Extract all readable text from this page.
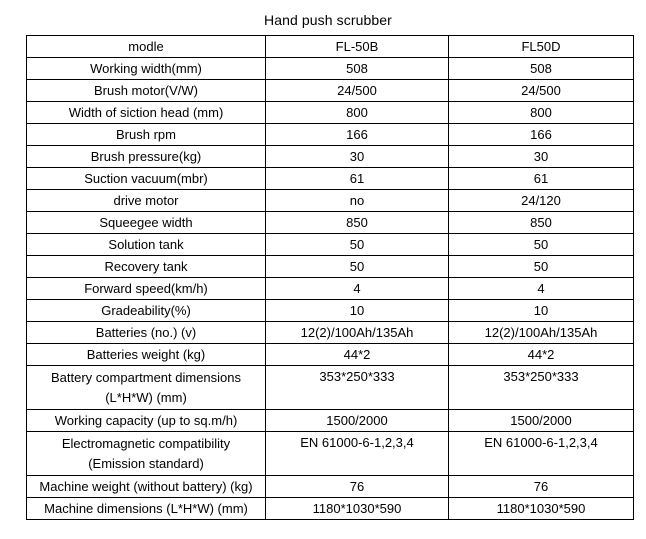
Hand push scrubber
modle	FL-50B	FL50D
Working width(mm)	508	508
Brush motor(V/W)	24/500	24/500
Width of siction head (mm)	800	800
Brush rpm	166	166
Brush pressure(kg)	30	30
Suction vacuum(mbr)	61	61
drive motor	no	24/120
Squeegee width	850	850
Solution tank	50	50
Recovery tank	50	50
Forward speed(km/h)	4	4
Gradeability(%)	10	10
Batteries (no.) (v)	12(2)/100Ah/135Ah	12(2)/100Ah/135Ah
Batteries weight (kg)	44*2	44*2

Battery compartment dimensions
(L*H*W) (mm)	353*250*333	353*250*333
Working capacity (up to sq.m/h)	1500/2000	1500/2000

Electromagnetic compatibility
(Emission standard)	EN 61000-6-1,2,3,4	EN 61000-6-1,2,3,4
Machine weight (without battery) (kg)	76	76
Machine dimensions (L*H*W) (mm)	1180*1030*590	1180*1030*590
